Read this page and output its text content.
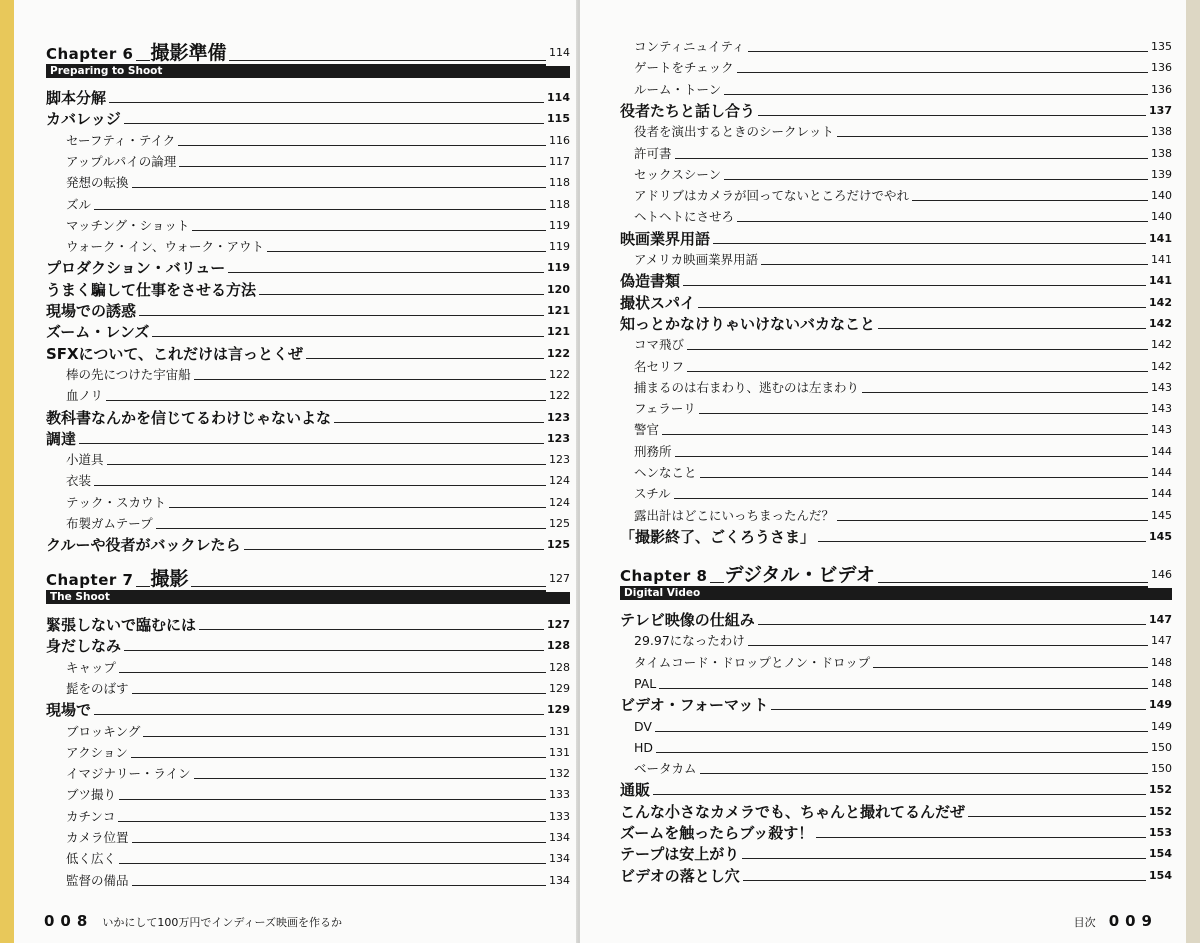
Chapter 6 撮影準備	114
Preparing to Shoot
脚本分解	114
カバレッジ	115
セーフティ・テイク	116
アップルパイの論理	117
発想の転換	118
ズル	118
マッチング・ショット	119
ウォーク・イン、ウォーク・アウト	119
プロダクション・バリュー	119
うまく騙して仕事をさせる方法	120
現場での誘惑	121
ズーム・レンズ	121
SFXについて、これだけは言っとくぜ	122
棒の先につけた宇宙船	122
血ノリ	122
教科書なんかを信じてるわけじゃないよな	123
調達	123
小道具	123
衣装	124
テック・スカウト	124
布製ガムテープ	125
クルーや役者がバックレたら	125
Chapter 7 撮影	127
The Shoot
緊張しないで臨むには	127
身だしなみ	128
キャップ	128
髭をのばす	129
現場で	129
ブロッキング	131
アクション	131
イマジナリー・ライン	132
ブツ撮り	133
カチンコ	133
カメラ位置	134
低く広く	134
監督の備品	134
008 いかにして100万円でインディーズ映画を作るか
コンティニュイティ	135
ゲートをチェック	136
ルーム・トーン	136
役者たちと話し合う	137
役者を演出するときのシークレット	138
許可書	138
セックスシーン	139
アドリブはカメラが回ってないところだけでやれ	140
ヘトヘトにさせろ	140
映画業界用語	141
アメリカ映画業界用語	141
偽造書類	141
撮状スパイ	142
知っとかなけりゃいけないバカなこと	142
コマ飛び	142
名セリフ	142
捕まるのは右まわり、逃むのは左まわり	143
フェラーリ	143
警官	143
刑務所	144
ヘンなこと	144
スチル	144
露出計はどこにいっちまったんだ？	145
「撮影終了、ごくろうさま」	145
Chapter 8 デジタル・ビデオ	146
Digital Video
テレビ映像の仕組み	147
29.97になったわけ	147
タイムコード・ドロップとノン・ドロップ	148
PAL	148
ビデオ・フォーマット	149
DV	149
HD	150
ベータカム	150
通販	152
こんな小さなカメラでも、ちゃんと撮れてるんだぜ	152
ズームを触ったらブッ殺す！	153
テープは安上がり	154
ビデオの落とし穴	154
目次 009
